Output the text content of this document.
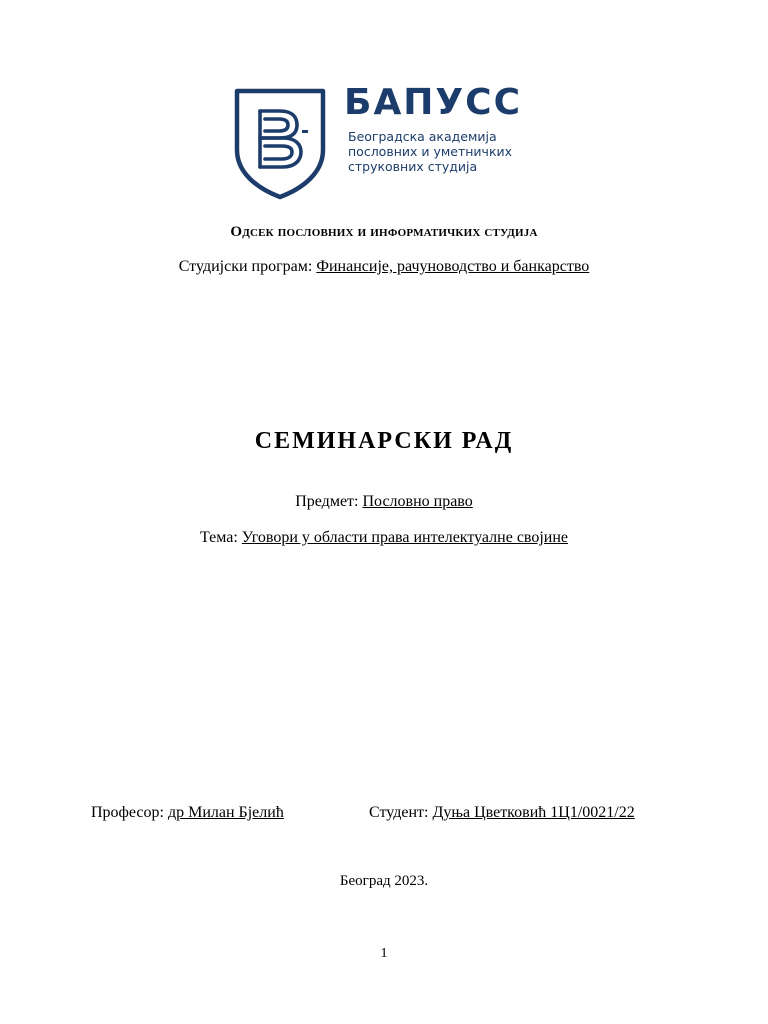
БАПУСС
Београдска академија
пословних и уметничких
струковних студија
Одсек пословних и информатичких студија
Студијски програм: Финансије, рачуноводство и банкарство
СЕМИНАРСКИ РАД
Предмет: Пословно право
Тема: Уговори у области права интелектуалне својине
Професор: др Милан Бјелић	Студент: Дуња Цветковић 1Ц1/0021/22
Београд 2023.
1
